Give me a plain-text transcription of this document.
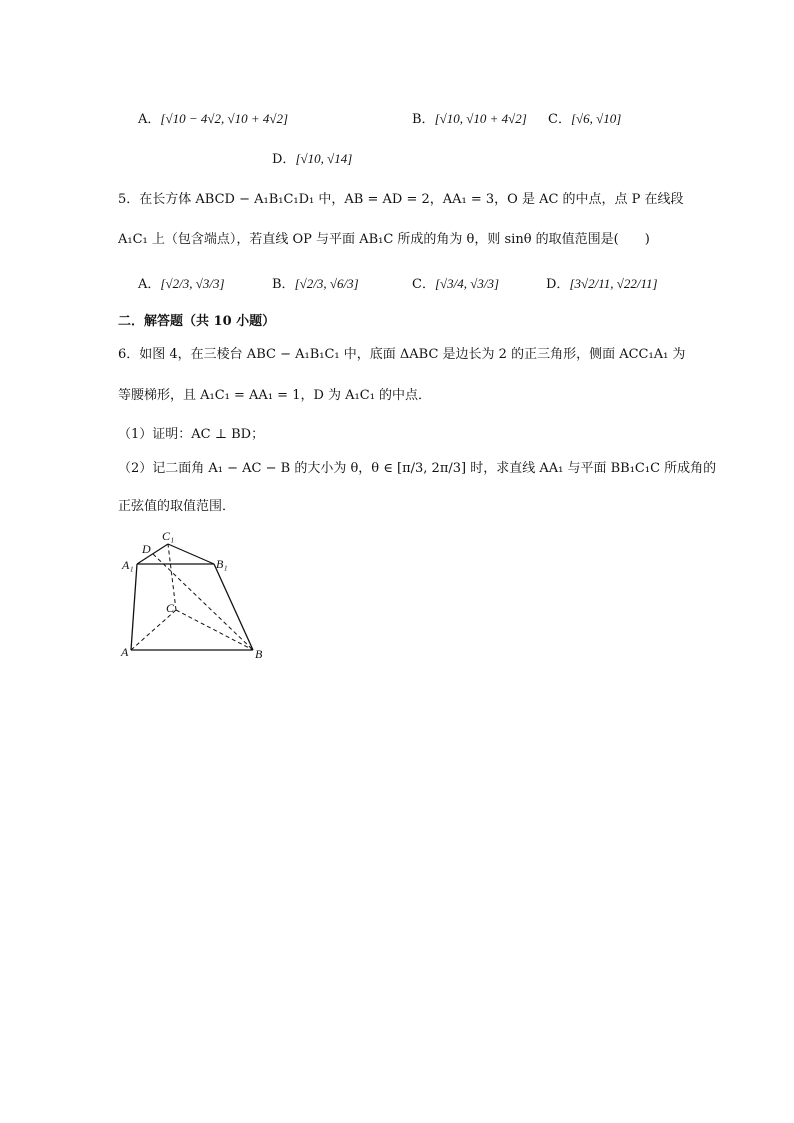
A．[√10 − 4√2, √10 + 4√2]	B．[√10, √10 + 4√2] C．[√6, √10]
D．[√10, √14]
5．在长方体 ABCD − A₁B₁C₁D₁ 中，AB = AD = 2，AA₁ = 3，O 是 AC 的中点，点 P 在线段
A₁C₁ 上（包含端点），若直线 OP 与平面 AB₁C 所成的角为 θ，则 sinθ 的取值范围是(　　)
A．[√2/3, √3/3]	B．[√2/3, √6/3]	C．[√3/4, √3/3]	D．[3√2/11, √22/11]
二．解答题（共 10 小题）
6．如图 4，在三棱台 ABC − A₁B₁C₁ 中，底面 ΔABC 是边长为 2 的正三角形，侧面 ACC₁A₁ 为
等腰梯形，且 A₁C₁ = AA₁ = 1，D 为 A₁C₁ 的中点．
（1）证明：AC ⊥ BD；
（2）记二面角 A₁ − AC − B 的大小为 θ，θ ∈ [π/3, 2π/3] 时，求直线 AA₁ 与平面 BB₁C₁C 所成角的
正弦值的取值范围．
C₁
D
A₁	B₁
C
A	B
